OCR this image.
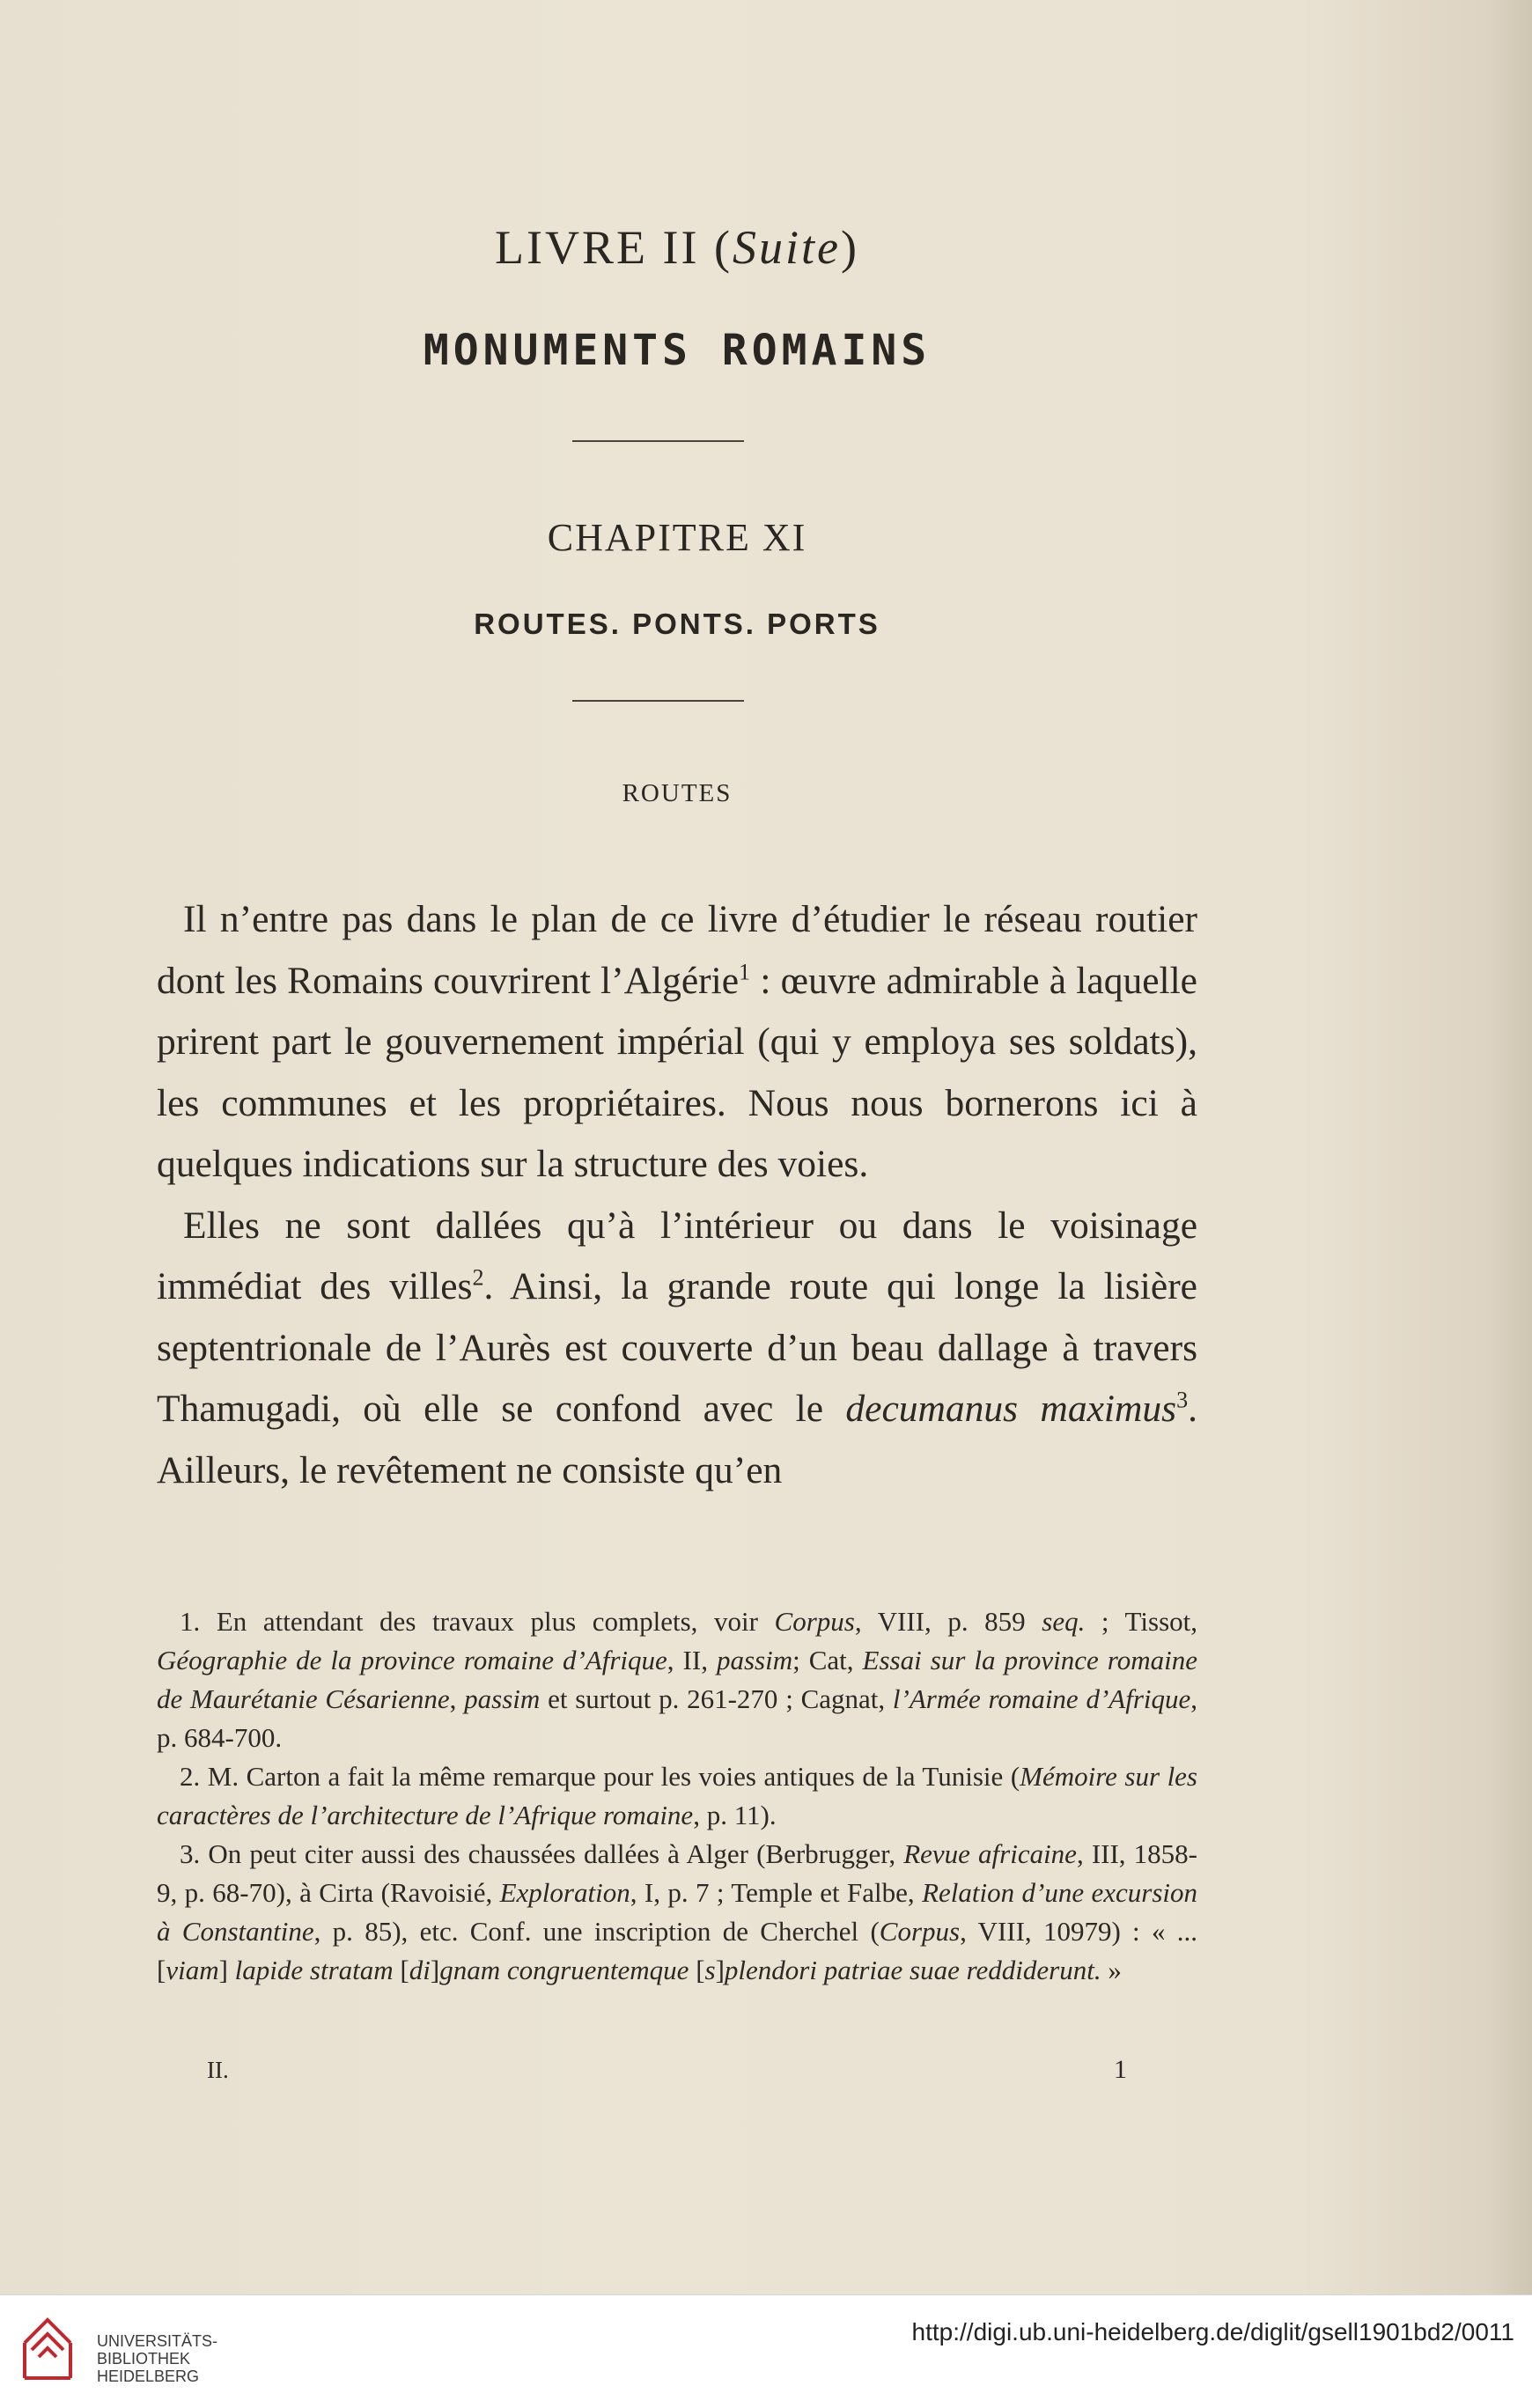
LIVRE II (Suite)
MONUMENTS ROMAINS
CHAPITRE XI
ROUTES. PONTS. PORTS
ROUTES

Il n’entre pas dans le plan de ce livre d’étudier le réseau routier dont les Romains couvrirent l’Algérie$^1$ : œuvre admirable à laquelle prirent part le gouvernement impérial (qui y employa ses soldats), les communes et les propriétaires. Nous nous bornerons ici à quelques indications sur la structure des voies.

Elles ne sont dallées qu’à l’intérieur ou dans le voisinage immédiat des villes$^2$. Ainsi, la grande route qui longe la lisière septentrionale de l’Aurès est couverte d’un beau dallage à travers Thamugadi, où elle se confond avec le decumanus maximus$^3$. Ailleurs, le revêtement ne consiste qu’en

1. En attendant des travaux plus complets, voir Corpus, VIII, p. 859 seq. ; Tissot, Géographie de la province romaine d’Afrique, II, passim; Cat, Essai sur la province romaine de Maurétanie Césarienne, passim et surtout p. 261-270 ; Cagnat, l’Armée romaine d’Afrique, p. 684-700.

2. M. Carton a fait la même remarque pour les voies antiques de la Tunisie (Mémoire sur les caractères de l’architecture de l’Afrique romaine, p. 11).

3. On peut citer aussi des chaussées dallées à Alger (Berbrugger, Revue africaine, III, 1858-9, p. 68-70), à Cirta (Ravoisié, Exploration, I, p. 7 ; Temple et Falbe, Relation d’une excursion à Constantine, p. 85), etc. Conf. une inscription de Cherchel (Corpus, VIII, 10979) : « ... [viam] lapide stratam [di]gnam congruentemque [s]plendori patriae suae reddiderunt. »

II.	1
UNIVERSITÄTS-
BIBLIOTHEK
HEIDELBERG
http://digi.ub.uni-heidelberg.de/diglit/gsell1901bd2/0011
